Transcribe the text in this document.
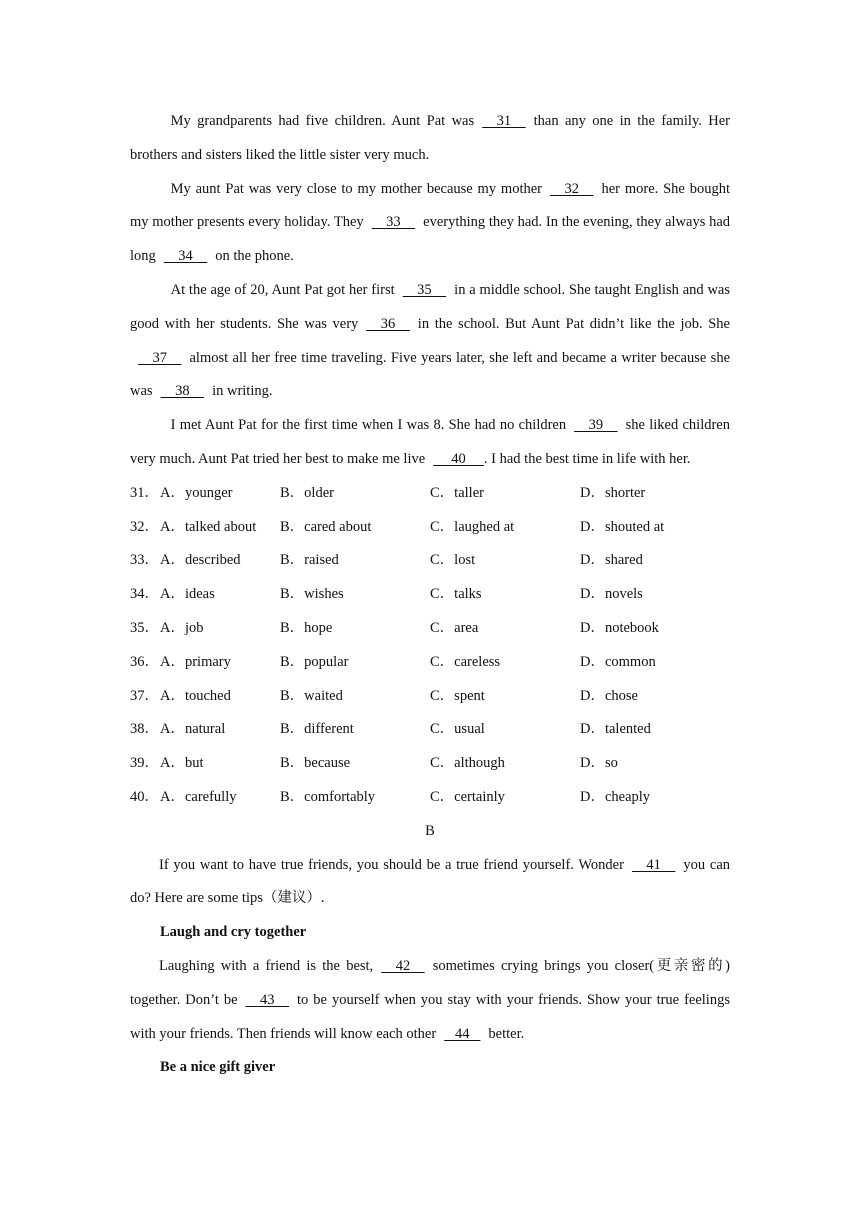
My grandparents had five children. Aunt Pat was    31    than any one in the family. Her brothers and sisters liked the little sister very much.

My aunt Pat was very close to my mother because my mother    32    her more. She bought my mother presents every holiday. They    33    everything they had. In the evening, they always had long    34    on the phone.

At the age of 20, Aunt Pat got her first    35    in a middle school. She taught English and was good with her students. She was very    36    in the school. But Aunt Pat didn’t like the job. She    37    almost all her free time traveling. Five years later, she left and became a writer because she was    38    in writing.

I met Aunt Pat for the first time when I was 8. She had no children    39    she liked children very much. Aunt Pat tried her best to make me live     40     . I had the best time in life with her.

31． A．younger	B．older	C．taller	D．shorter
32． A．talked about B．cared about	C．laughed at	D．shouted at
33． A．described	B．raised	C．lost	D．shared
34． A．ideas	B．wishes	C．talks	D．novels
35． A．job	B．hope	C．area	D．notebook
36． A．primary	B．popular	C．careless	D．common
37． A．touched	B．waited	C．spent	D．chose
38． A．natural	B．different	C．usual	D．talented
39． A．but	B．because	C．although	D．so
40． A．carefully	B．comfortably	C．certainly	D．cheaply
B

If you want to have true friends, you should be a true friend yourself. Wonder    41    you can do? Here are some tips（建议）.

Laugh and cry together

Laughing with a friend is the best,    42    sometimes crying brings you closer(更亲密的) together. Don’t be    43    to be yourself when you stay with your friends. Show your true feelings with your friends. Then friends will know each other   44   better.

Be a nice gift giver
